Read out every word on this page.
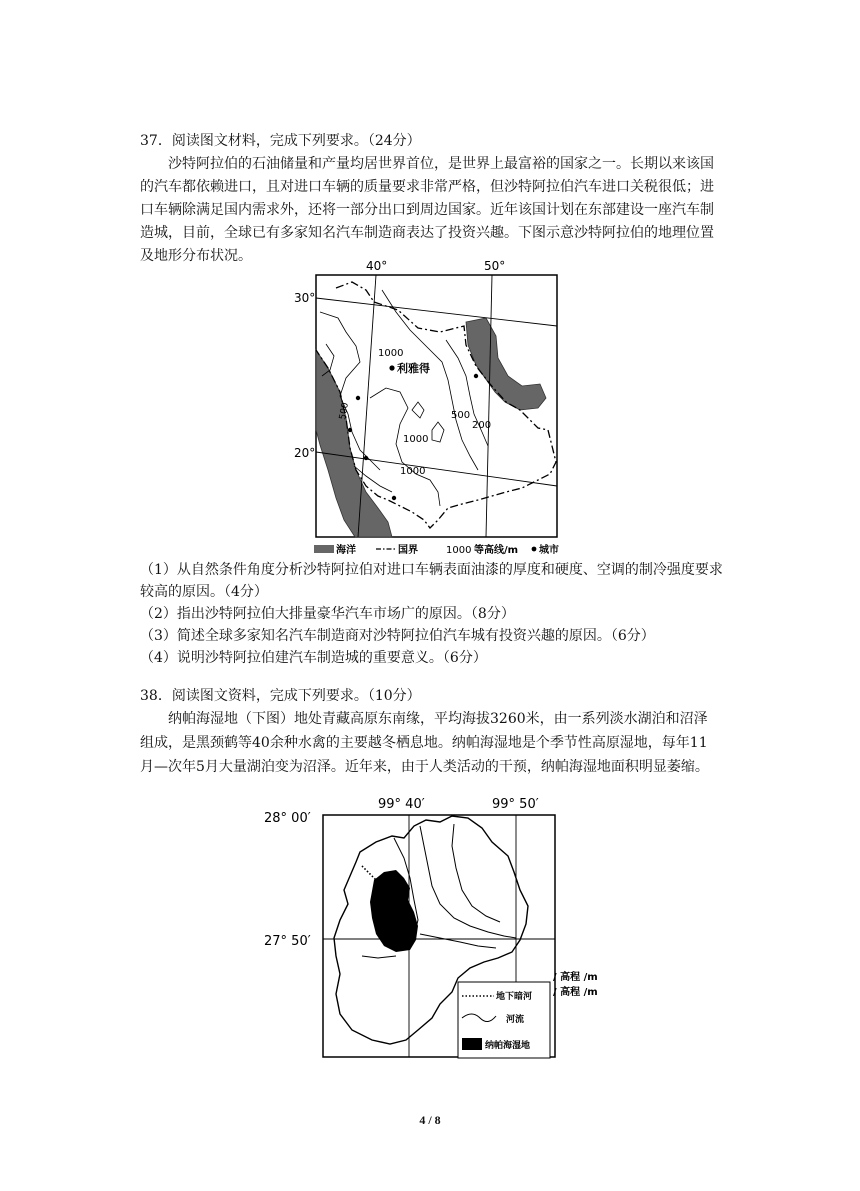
37．阅读图文材料，完成下列要求。（24分）

沙特阿拉伯的石油储量和产量均居世界首位，是世界上最富裕的国家之一。长期以来该国的汽车都依赖进口，且对进口车辆的质量要求非常严格，但沙特阿拉伯汽车进口关税很低；进口车辆除满足国内需求外，还将一部分出口到周边国家。近年该国计划在东部建设一座汽车制造城，目前，全球已有多家知名汽车制造商表达了投资兴趣。下图示意沙特阿拉伯的地理位置及地形分布状况。

40°	50°
30°
20°
1000
1000
1000
500
500
200
利雅得
海洋	国界	1000 等高线/m 城市

（1）从自然条件角度分析沙特阿拉伯对进口车辆表面油漆的厚度和硬度、空调的制冷强度要求较高的原因。（4分）

（2）指出沙特阿拉伯大排量豪华汽车市场广的原因。（8分）

（3）简述全球多家知名汽车制造商对沙特阿拉伯汽车城有投资兴趣的原因。（6分）

（4）说明沙特阿拉伯建汽车制造城的重要意义。（6分）

38．阅读图文资料，完成下列要求。（10分）

纳帕海湿地（下图）地处青藏高原东南缘，平均海拔3260米，由一系列淡水湖泊和沼泽组成，是黑颈鹤等40余种水禽的主要越冬栖息地。纳帕海湿地是个季节性高原湿地，每年11月—次年5月大量湖泊变为沼泽。近年来，由于人类活动的干预，纳帕海湿地面积明显萎缩。

99° 40′	99° 50′
28° 00′
27° 50′
/ 高程 /m
/ 高程 /m
地下暗河
河流
纳帕海湿地
4 / 8
